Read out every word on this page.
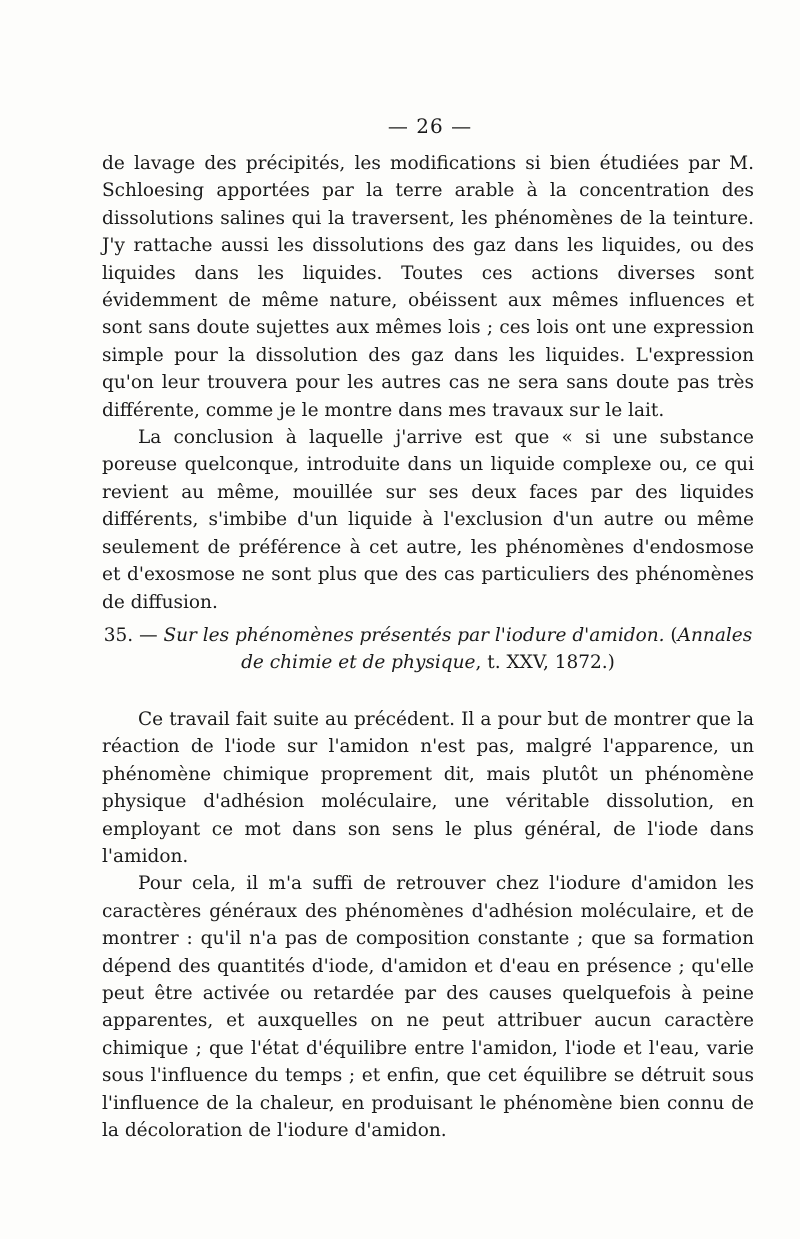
— 26 —

de lavage des précipités, les modifications si bien étudiées par M. Schloesing apportées par la terre arable à la concentration des dissolutions salines qui la traversent, les phénomènes de la teinture. J'y rattache aussi les dissolutions des gaz dans les liquides, ou des liquides dans les liquides. Toutes ces actions diverses sont évidemment de même nature, obéissent aux mêmes influences et sont sans doute sujettes aux mêmes lois ; ces lois ont une expression simple pour la dissolution des gaz dans les liquides. L'expression qu'on leur trouvera pour les autres cas ne sera sans doute pas très différente, comme je le montre dans mes travaux sur le lait.

La conclusion à laquelle j'arrive est que « si une substance poreuse quelconque, introduite dans un liquide complexe ou, ce qui revient au même, mouillée sur ses deux faces par des liquides différents, s'imbibe d'un liquide à l'exclusion d'un autre ou même seulement de préférence à cet autre, les phénomènes d'endosmose et d'exosmose ne sont plus que des cas particuliers des phénomènes de diffusion.

35. — Sur les phénomènes présentés par l'iodure d'amidon. (Annales de chimie et de physique, t. XXV, 1872.)

Ce travail fait suite au précédent. Il a pour but de montrer que la réaction de l'iode sur l'amidon n'est pas, malgré l'apparence, un phénomène chimique proprement dit, mais plutôt un phénomène physique d'adhésion moléculaire, une véritable dissolution, en employant ce mot dans son sens le plus général, de l'iode dans l'amidon.

Pour cela, il m'a suffi de retrouver chez l'iodure d'amidon les caractères généraux des phénomènes d'adhésion moléculaire, et de montrer : qu'il n'a pas de composition constante ; que sa formation dépend des quantités d'iode, d'amidon et d'eau en présence ; qu'elle peut être activée ou retardée par des causes quelquefois à peine apparentes, et auxquelles on ne peut attribuer aucun caractère chimique ; que l'état d'équilibre entre l'amidon, l'iode et l'eau, varie sous l'influence du temps ; et enfin, que cet équilibre se détruit sous l'influence de la chaleur, en produisant le phénomène bien connu de la décoloration de l'iodure d'amidon.
